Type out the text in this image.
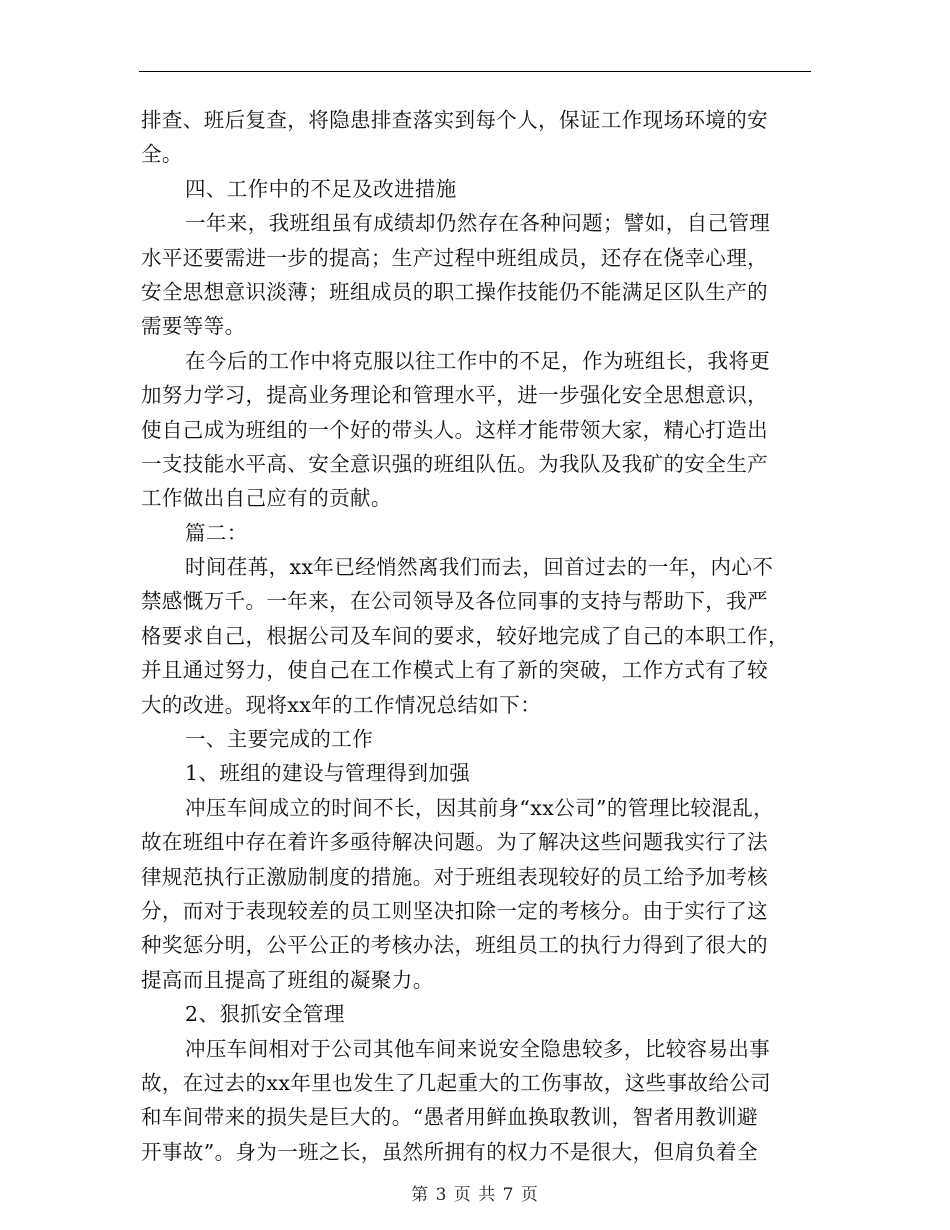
排查、班后复查，将隐患排查落实到每个人，保证工作现场环境的安
全。
四、工作中的不足及改进措施
一年来，我班组虽有成绩却仍然存在各种问题；譬如，自己管理
水平还要需进一步的提高；生产过程中班组成员，还存在侥幸心理，
安全思想意识淡薄；班组成员的职工操作技能仍不能满足区队生产的
需要等等。
在今后的工作中将克服以往工作中的不足，作为班组长，我将更
加努力学习，提高业务理论和管理水平，进一步强化安全思想意识，
使自己成为班组的一个好的带头人。这样才能带领大家，精心打造出
一支技能水平高、安全意识强的班组队伍。为我队及我矿的安全生产
工作做出自己应有的贡献。
篇二：
时间荏苒，xx年已经悄然离我们而去，回首过去的一年，内心不
禁感慨万千。一年来，在公司领导及各位同事的支持与帮助下，我严
格要求自己，根据公司及车间的要求，较好地完成了自己的本职工作，
并且通过努力，使自己在工作模式上有了新的突破，工作方式有了较
大的改进。现将xx年的工作情况总结如下：
一、主要完成的工作
1、班组的建设与管理得到加强
冲压车间成立的时间不长，因其前身“xx公司”的管理比较混乱，
故在班组中存在着许多亟待解决问题。为了解决这些问题我实行了法
律规范执行正激励制度的措施。对于班组表现较好的员工给予加考核
分，而对于表现较差的员工则坚决扣除一定的考核分。由于实行了这
种奖惩分明，公平公正的考核办法，班组员工的执行力得到了很大的
提高而且提高了班组的凝聚力。
2、狠抓安全管理
冲压车间相对于公司其他车间来说安全隐患较多，比较容易出事
故，在过去的xx年里也发生了几起重大的工伤事故，这些事故给公司
和车间带来的损失是巨大的。“愚者用鲜血换取教训，智者用教训避
开事故”。身为一班之长，虽然所拥有的权力不是很大，但肩负着全
第 3 页 共 7 页
